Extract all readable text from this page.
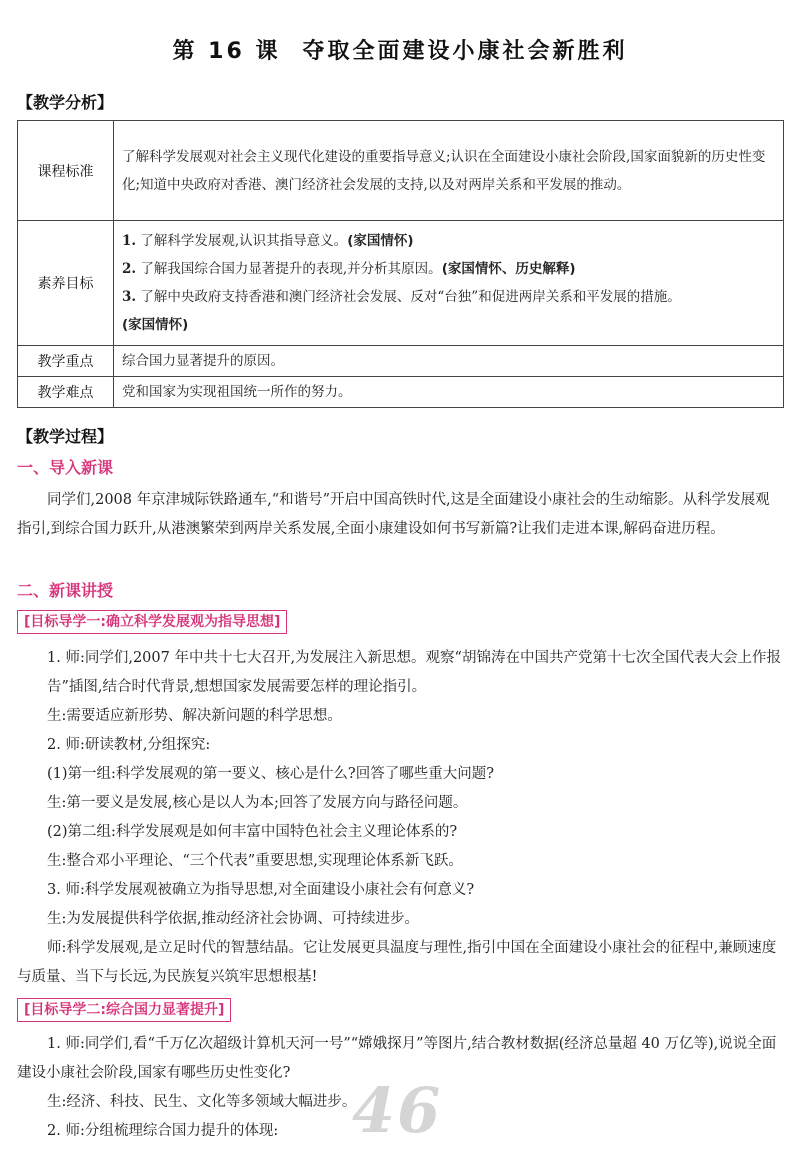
第 16 课 夺取全面建设小康社会新胜利
【教学分析】
课程标准	了解科学发展观对社会主义现代化建设的重要指导意义;认识在全面建设小康社会阶段,国家面貌新的历史性变化;知道中央政府对香港、澳门经济社会发展的支持,以及对两岸关系和平发展的推动。
素养目标	1. 了解科学发展观,认识其指导意义。(家国情怀)
2. 了解我国综合国力显著提升的表现,并分析其原因。(家国情怀、历史解释)
3. 了解中央政府支持香港和澳门经济社会发展、反对“台独”和促进两岸关系和平发展的措施。
(家国情怀)

教学重点	综合国力显著提升的原因。
教学难点	党和国家为实现祖国统一所作的努力。
【教学过程】
一、导入新课
同学们,2008 年京津城际铁路通车,“和谐号”开启中国高铁时代,这是全面建设小康社会的生动缩影。从科学发展观指引,到综合国力跃升,从港澳繁荣到两岸关系发展,全面小康建设如何书写新篇?让我们走进本课,解码奋进历程。
二、新课讲授
[目标导学一:确立科学发展观为指导思想]
1. 师:同学们,2007 年中共十七大召开,为发展注入新思想。观察“胡锦涛在中国共产党第十七次全国代表大会上作报告”插图,结合时代背景,想想国家发展需要怎样的理论指引。
生:需要适应新形势、解决新问题的科学思想。
2. 师:研读教材,分组探究:
(1)第一组:科学发展观的第一要义、核心是什么?回答了哪些重大问题?
生:第一要义是发展,核心是以人为本;回答了发展方向与路径问题。
(2)第二组:科学发展观是如何丰富中国特色社会主义理论体系的?
生:整合邓小平理论、“三个代表”重要思想,实现理论体系新飞跃。
3. 师:科学发展观被确立为指导思想,对全面建设小康社会有何意义?
生:为发展提供科学依据,推动经济社会协调、可持续进步。
师:科学发展观,是立足时代的智慧结晶。它让发展更具温度与理性,指引中国在全面建设小康社会的征程中,兼顾速度与质量、当下与长远,为民族复兴筑牢思想根基!
[目标导学二:综合国力显著提升]
1. 师:同学们,看“千万亿次超级计算机天河一号”“嫦娥探月”等图片,结合教材数据(经济总量超 40 万亿等),说说全面建设小康社会阶段,国家有哪些历史性变化?
生:经济、科技、民生、文化等多领域大幅进步。
2. 师:分组梳理综合国力提升的体现:	46
